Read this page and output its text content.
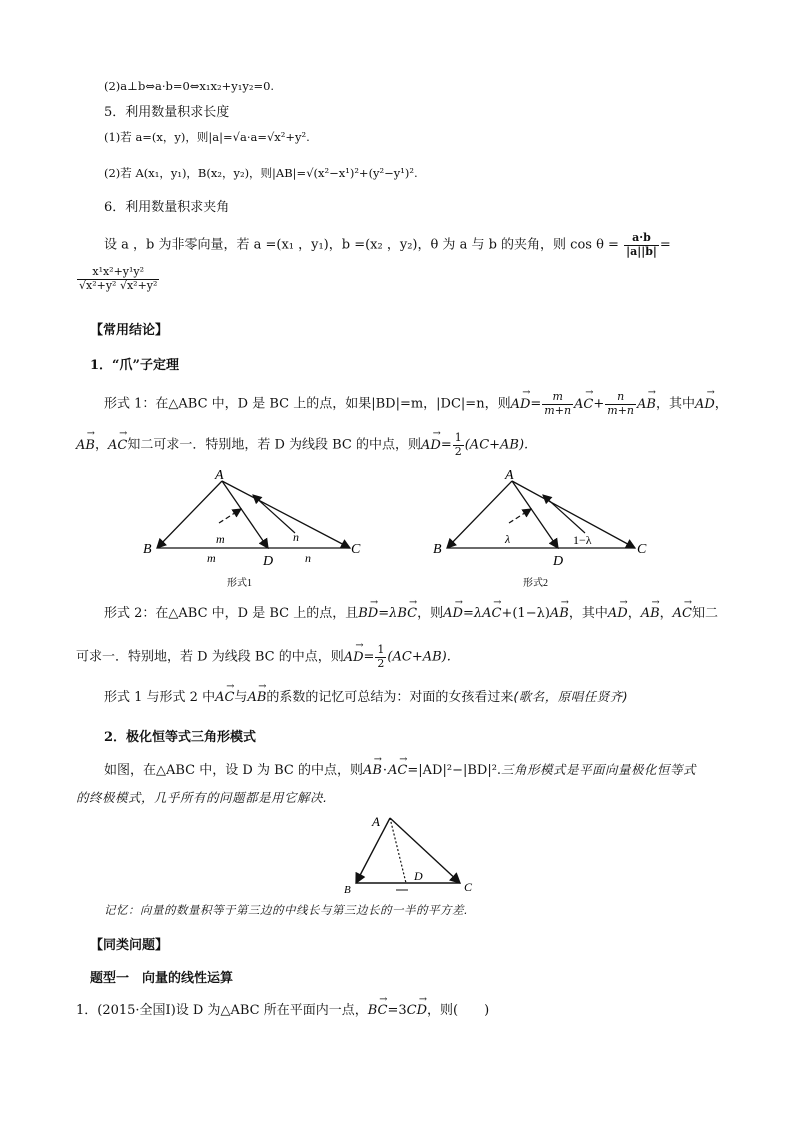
(2)a⊥b⇔a·b=0⇔x₁x₂+y₁y₂=0.
5．利用数量积求长度
(1)若 a=(x，y)，则|a|=√a·a=√x²+y².
(2)若 A(x₁，y₁)，B(x₂，y₂)，则|AB|=√(x²−x¹)²+(y²−y¹)².
6．利用数量积求夹角
设 a ，b 为非零向量，若 a =(x₁ ，y₁)，b =(x₂ ，y₂)，θ 为 a 与 b 的夹角，则 $\cos \theta = \frac{a\cdot b}{|a||b|}$ =
$\frac{\text{x¹x²+y¹y²}}{\text{√x²+y² √x²+y²}}$
【常用结论】
1．“爪”子定理
形式 1：在△ABC 中，D 是 BC 上的点，如果|BD|=m，|DC|=n，则→ $AD= \frac{m}{m+n}$
→ $AC+ \frac{n}{m+n}$
→ AB，其中→ AD，
→ AB，→ AC知二可求一．特别地，若 D 为线段 BC 的中点，则→ $AD= \frac{1}{2} (AC+AB)$.
A
B	C
D
m
m
n
n
形式1
A
B	C
D
λ	1−λ
形式2
形式 2：在△ABC 中，D 是 BC 上的点，且→ BD=λ→ BC，则→ AD=λ→ AC+(1−λ)→ AB，其中→ AD，→ AB，→ AC知二
可求一．特别地，若 D 为线段 BC 的中点，则→ $AD= \frac{1}{2} (AC+AB)$.
形式 1 与形式 2 中→ AC与→ AB的系数的记忆可总结为：对面的女孩看过来(歌名，原唱任贤齐)
2．极化恒等式三角形模式
如图，在△ABC 中，设 D 为 BC 的中点，则→ AB·→ AC=|AD|²−|BD|².三角形模式是平面向量极化恒等式
的终极模式，几乎所有的问题都是用它解决.
A
B	C
D
记忆：向量的数量积等于第三边的中线长与第三边长的一半的平方差.
【同类问题】
题型一　向量的线性运算
1．(2015·全国Ⅰ)设 D 为△ABC 所在平面内一点，→ BC=3→ CD，则(　　)
